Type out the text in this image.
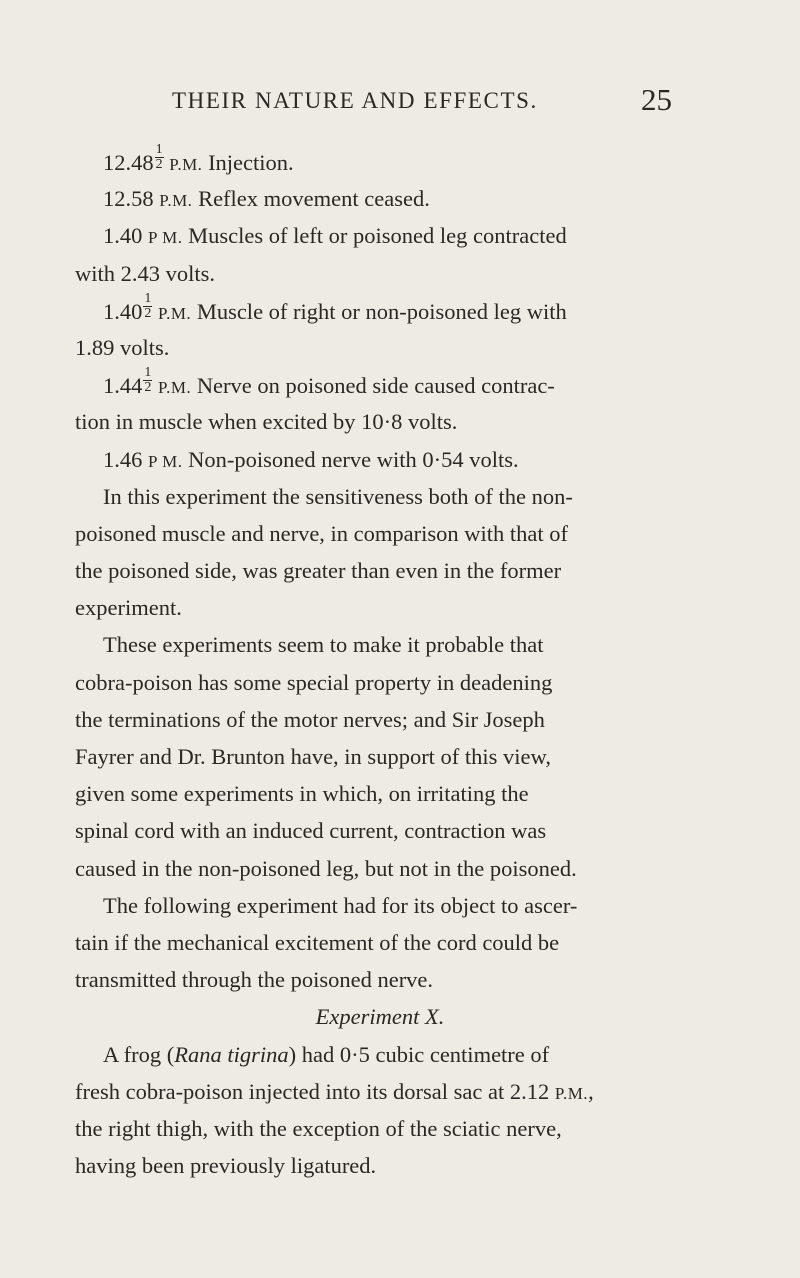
THEIR NATURE AND EFFECTS.	25
$12.48 \frac{1}{2} P.M$. Injection.
12.58 P.M. Reflex movement ceased.
1.40 P M. Muscles of left or poisoned leg contracted
with 2.43 volts.
$1.40 \frac{1}{2} P.M$. Muscle of right or non-poisoned leg with
1.89 volts.
$1.44 \frac{1}{2} P.M$. Nerve on poisoned side caused contrac-
tion in muscle when excited by 10·8 volts.
1.46 P M. Non-poisoned nerve with 0·54 volts.
In this experiment the sensitiveness both of the non-
poisoned muscle and nerve, in comparison with that of
the poisoned side, was greater than even in the former
experiment.
These experiments seem to make it probable that
cobra-poison has some special property in deadening
the terminations of the motor nerves; and Sir Joseph
Fayrer and Dr. Brunton have, in support of this view,
given some experiments in which, on irritating the
spinal cord with an induced current, contraction was
caused in the non-poisoned leg, but not in the poisoned.
The following experiment had for its object to ascer-
tain if the mechanical excitement of the cord could be
transmitted through the poisoned nerve.
Experiment X.
A frog (Rana tigrina) had 0·5 cubic centimetre of
fresh cobra-poison injected into its dorsal sac at 2.12 P.M.,
the right thigh, with the exception of the sciatic nerve,
having been previously ligatured.
